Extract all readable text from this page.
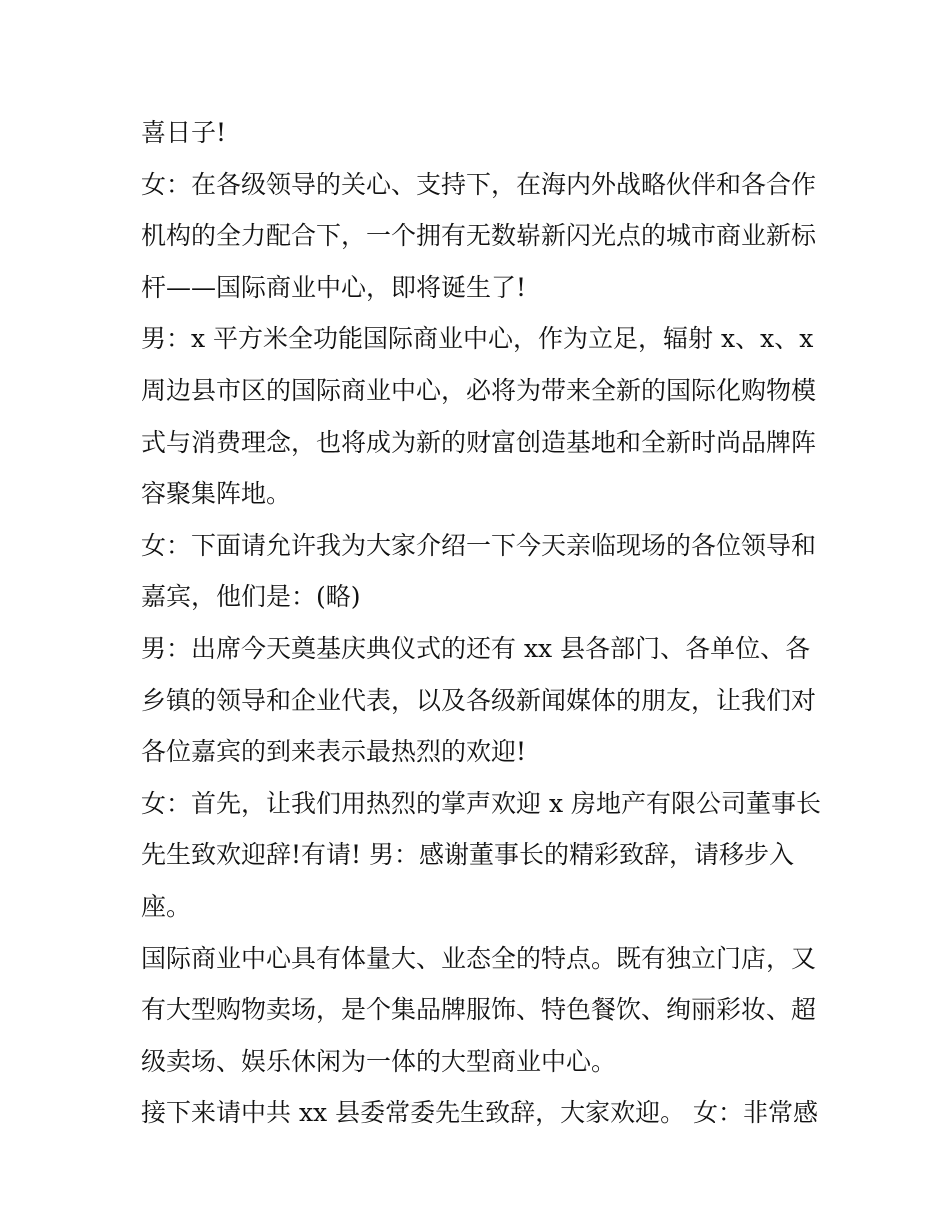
喜日子!
女：在各级领导的关心、支持下，在海内外战略伙伴和各合作
机构的全力配合下，一个拥有无数崭新闪光点的城市商业新标
杆——国际商业中心，即将诞生了!
男：x 平方米全功能国际商业中心，作为立足，辐射 x、x、x
周边县市区的国际商业中心，必将为带来全新的国际化购物模
式与消费理念，也将成为新的财富创造基地和全新时尚品牌阵
容聚集阵地。
女：下面请允许我为大家介绍一下今天亲临现场的各位领导和
嘉宾，他们是：(略)
男：出席今天奠基庆典仪式的还有 xx 县各部门、各单位、各
乡镇的领导和企业代表，以及各级新闻媒体的朋友，让我们对
各位嘉宾的到来表示最热烈的欢迎!
女：首先，让我们用热烈的掌声欢迎 x 房地产有限公司董事长
先生致欢迎辞!有请! 男：感谢董事长的精彩致辞，请移步入
座。
国际商业中心具有体量大、业态全的特点。既有独立门店，又
有大型购物卖场，是个集品牌服饰、特色餐饮、绚丽彩妆、超
级卖场、娱乐休闲为一体的大型商业中心。
接下来请中共 xx 县委常委先生致辞，大家欢迎。 女：非常感
